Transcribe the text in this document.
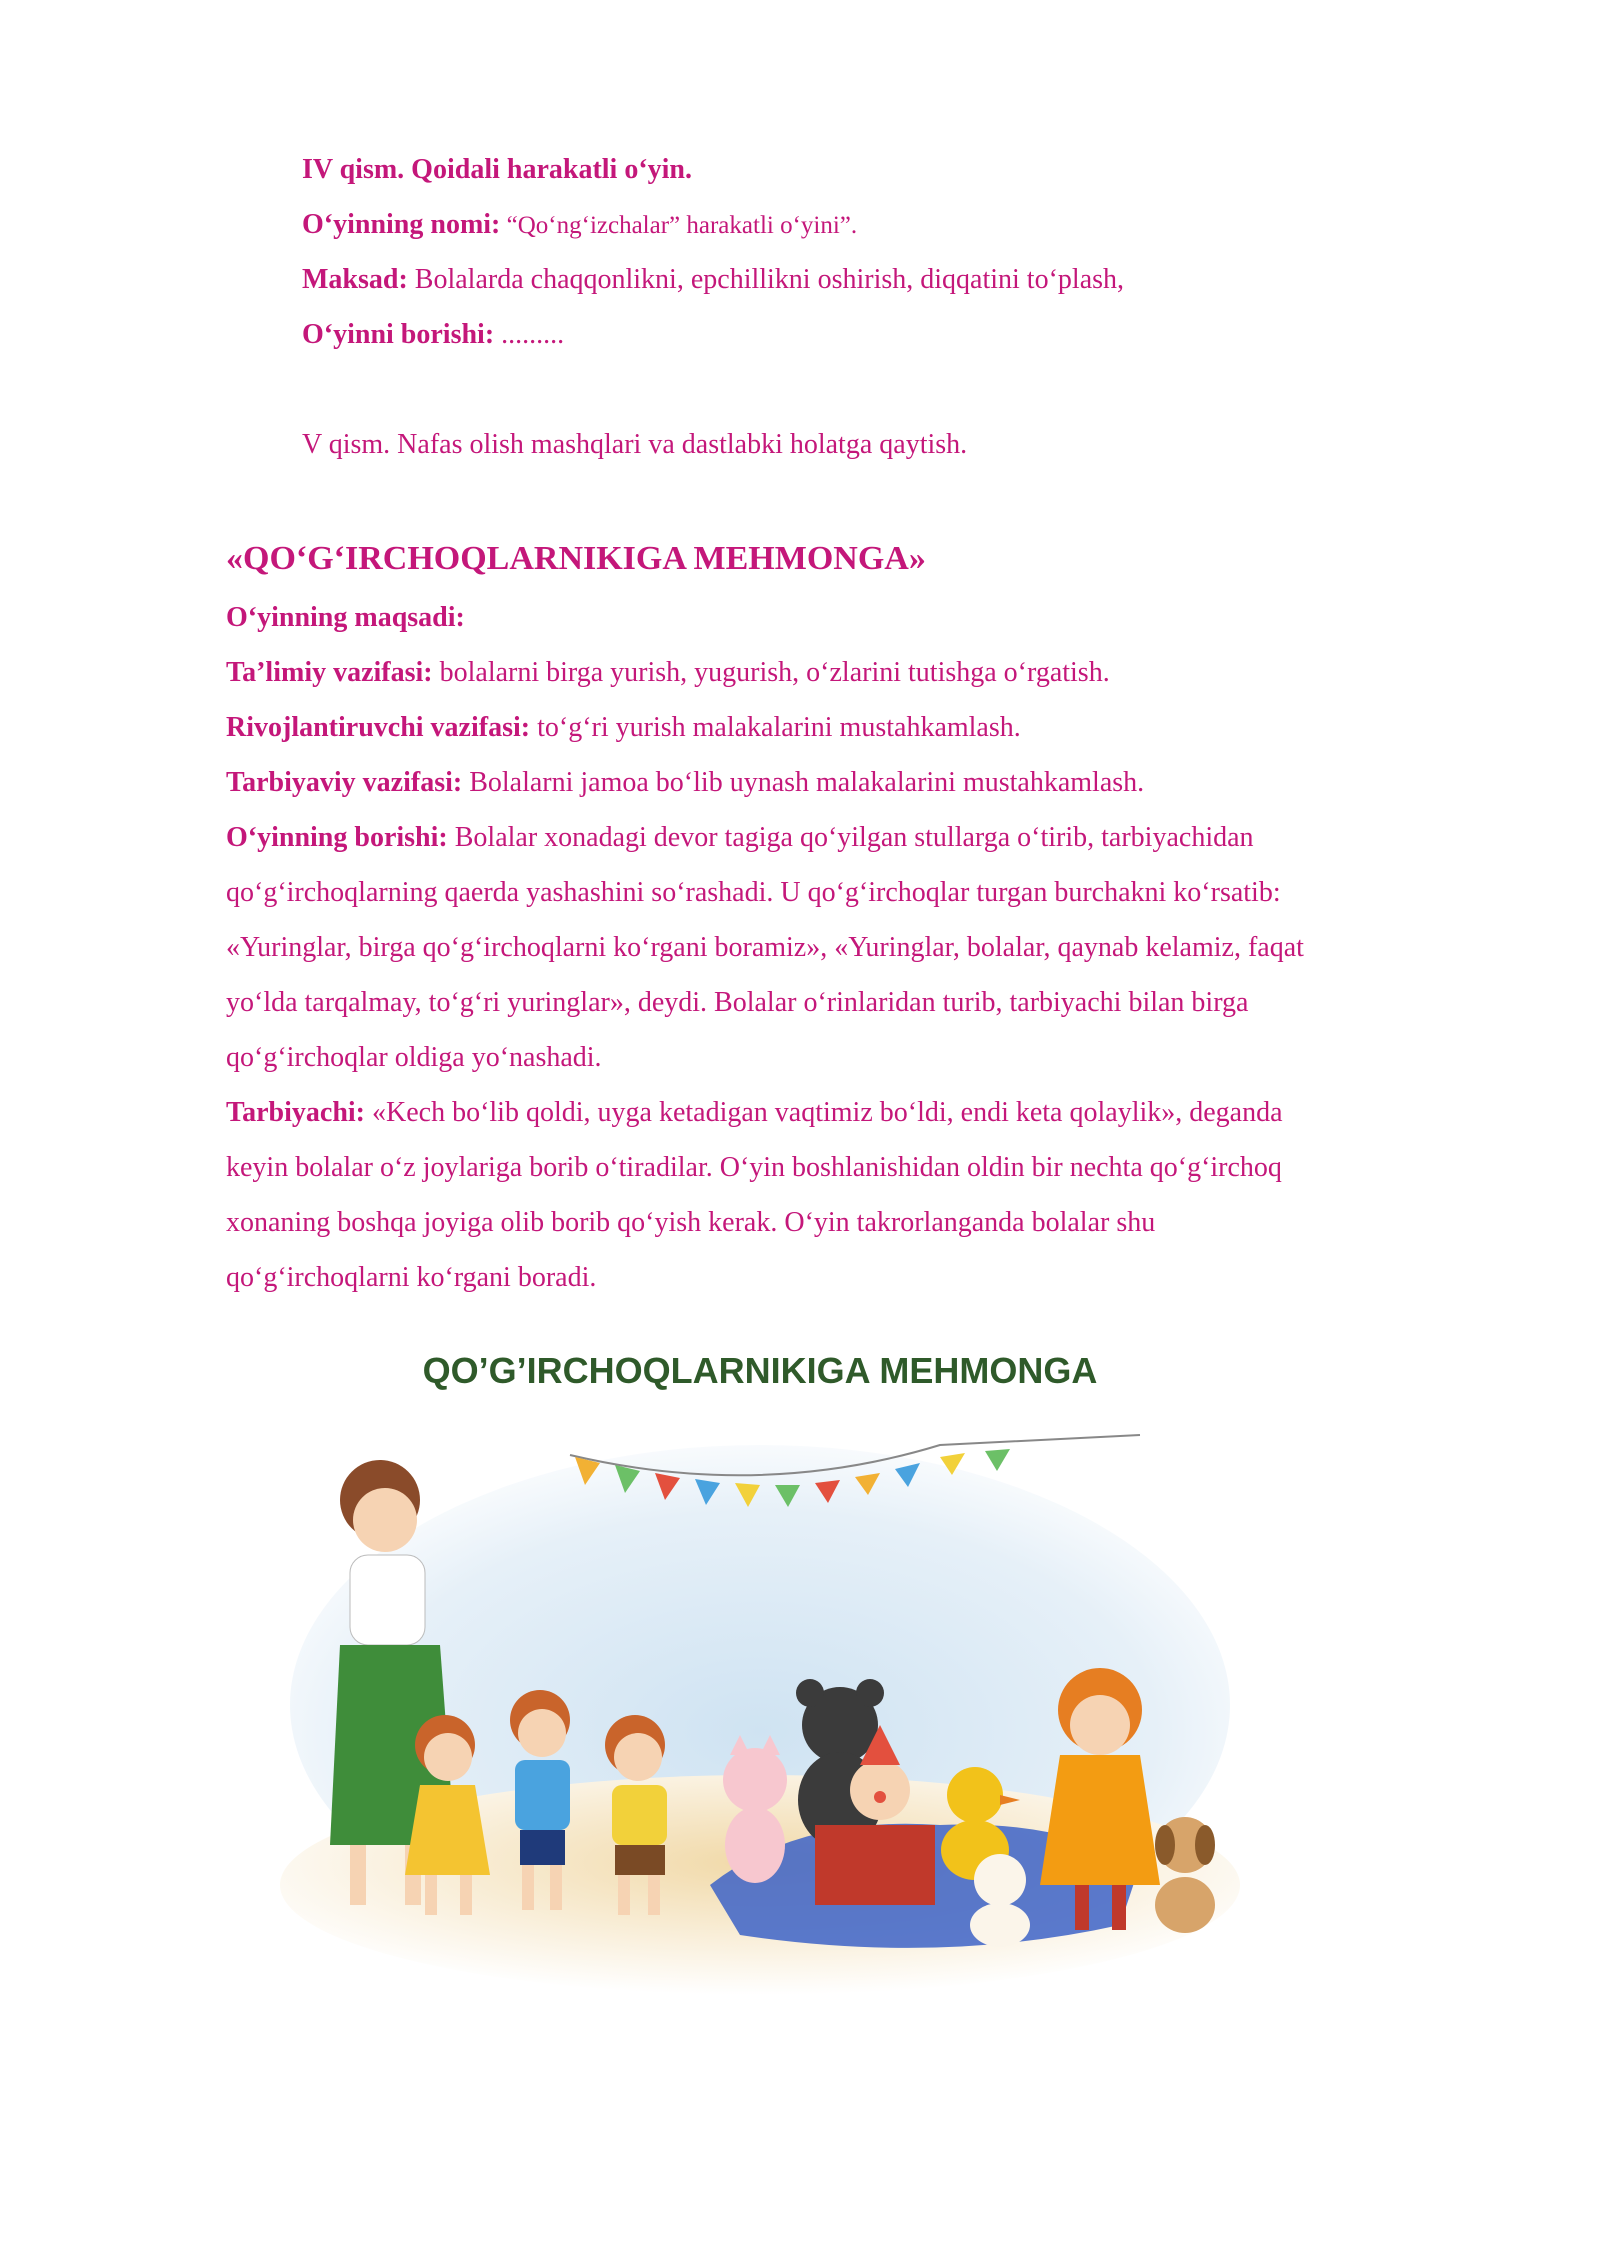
IV qism. Qoidali harakatli o‘yin.
O‘yinning nomi: “Qo‘ng‘izchalar” harakatli o‘yini”.
Maksad: Bolalarda chaqqonlikni, epchillikni oshirish, diqqatini to‘plash,
O‘yinni borishi: .........
V qism. Nafas olish mashqlari va dastlabki holatga qaytish.
«QO‘G‘IRCHOQLARNIKIGA MEHMONGA»
O‘yinning maqsadi:
Ta’limiy vazifasi: bolalarni birga yurish, yugurish, o‘zlarini tutishga o‘rgatish.
Rivojlantiruvchi vazifasi: to‘g‘ri yurish malakalarini mustahkamlash.
Tarbiyaviy vazifasi: Bolalarni jamoa bo‘lib uynash malakalarini mustahkamlash.
O‘yinning borishi: Bolalar xonadagi devor tagiga qo‘yilgan stullarga o‘tirib, tarbiyachidan
qo‘g‘irchoqlarning qaerda yashashini so‘rashadi. U qo‘g‘irchoqlar turgan burchakni ko‘rsatib:
«Yuringlar, birga qo‘g‘irchoqlarni ko‘rgani boramiz», «Yuringlar, bolalar, qaynab kelamiz, faqat
yo‘lda tarqalmay, to‘g‘ri yuringlar», deydi. Bolalar o‘rinlaridan turib, tarbiyachi bilan birga
qo‘g‘irchoqlar oldiga yo‘nashadi.
Tarbiyachi: «Kech bo‘lib qoldi, uyga ketadigan vaqtimiz bo‘ldi, endi keta qolaylik», deganda
keyin bolalar o‘z joylariga borib o‘tiradilar. O‘yin boshlanishidan oldin bir nechta qo‘g‘irchoq
xonaning boshqa joyiga olib borib qo‘yish kerak. O‘yin takrorlanganda bolalar shu
qo‘g‘irchoqlarni ko‘rgani boradi.
QO’G’IRCHOQLARNIKIGA MEHMONGA
